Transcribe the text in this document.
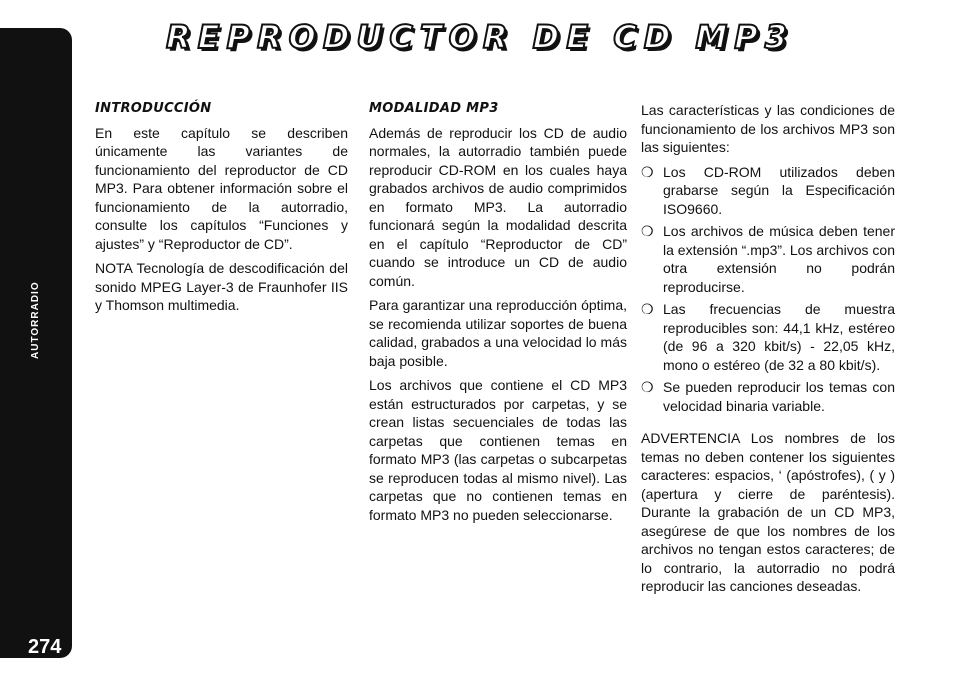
AUTORRADIO
274
REPRODUCTOR DE CD MP3
INTRODUCCIÓN

En este capítulo se describen únicamente las variantes de funcionamiento del reproductor de CD MP3. Para obtener información sobre el funcionamiento de la autorradio, consulte los capítulos “Funciones y ajustes” y “Reproductor de CD”.

NOTA Tecnología de descodificación del sonido MPEG Layer-3 de Fraunhofer IIS y Thomson multimedia.

MODALIDAD MP3

Además de reproducir los CD de audio normales, la autorradio también puede reproducir CD-ROM en los cuales haya grabados archivos de audio comprimidos en formato MP3. La autorradio funcionará según la modalidad descrita en el capítulo “Reproductor de CD” cuando se introduce un CD de audio común.

Para garantizar una reproducción óptima, se recomienda utilizar soportes de buena calidad, grabados a una velocidad lo más baja posible.

Los archivos que contiene el CD MP3 están estructurados por carpetas, y se crean listas secuenciales de todas las carpetas que contienen temas en formato MP3 (las carpetas o subcarpetas se reproducen todas al mismo nivel). Las carpetas que no contienen temas en formato MP3 no pueden seleccionarse.

Las características y las condiciones de funcionamiento de los archivos MP3 son las siguientes:

❍ Los CD-ROM utilizados deben grabarse según la Especificación ISO9660.
❍ Los archivos de música deben tener la extensión “.mp3”. Los archivos con otra extensión no podrán reproducirse.
❍ Las frecuencias de muestra reproducibles son: 44,1 kHz, estéreo (de 96 a 320 kbit/s) - 22,05 kHz, mono o estéreo (de 32 a 80 kbit/s).
❍ Se pueden reproducir los temas con velocidad binaria variable.

ADVERTENCIA Los nombres de los temas no deben contener los siguientes caracteres: espacios, ‘ (apóstrofes), ( y ) (apertura y cierre de paréntesis). Durante la grabación de un CD MP3, asegúrese de que los nombres de los archivos no tengan estos caracteres; de lo contrario, la autorradio no podrá reproducir las canciones deseadas.
